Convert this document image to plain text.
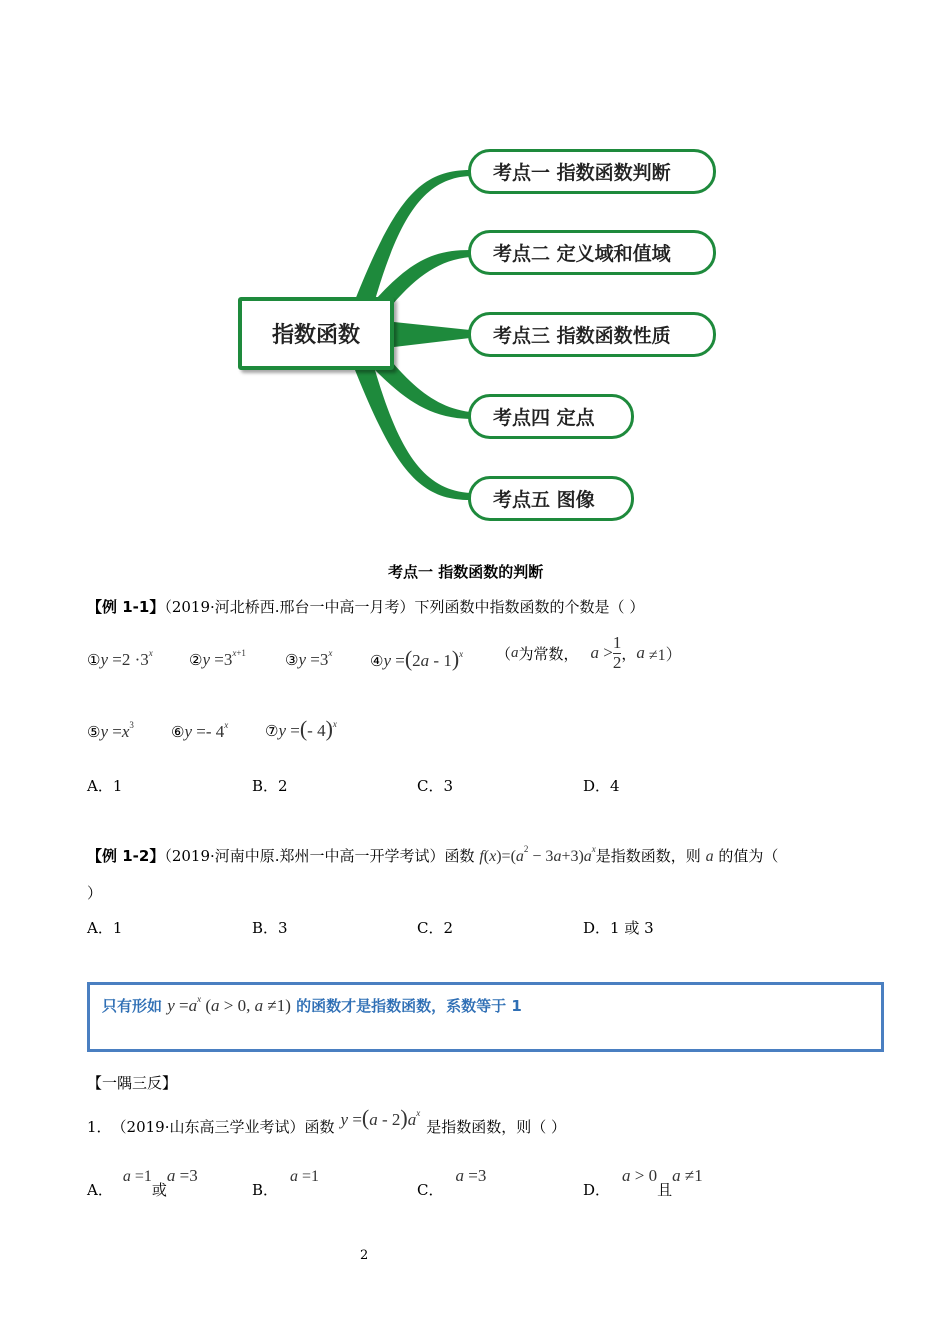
指数函数
考点一 指数函数判断
考点二 定义域和值域
考点三 指数函数性质
考点四 定点
考点五 图像
考点一 指数函数的判断
【例 1-1】（2019·河北桥西.邢台一中高一月考）下列函数中指数函数的个数是（ ）
①y $=2 \cdot 3^x$ ②y $=3^{x+1}$	③y $=3^x$	④y =(2a - 1)$^x$ （ a 为常数， $a > \frac{1}{2}$ ， a ≠1）
⑤y $=x^3$ ⑥y =- 4$^x$ ⑦y =(- 4)$^x$
A．1	B．2	C．3	D．4
【例 1-2】（2019·河南中原.郑州一中高一开学考试）函数 $f(x)=(a^2 - 3a+3)a^x$是指数函数，则 a 的值为（
）
A．1	B．3	C．2	D．1 或 3
只有形如 $y =a^x$ (a > 0, a ≠1) 的函数才是指数函数，系数等于 1
【一隅三反】
1． （2019·山东高三学业考试） 函数 $y =(a - 2)a^x$
是指数函数，则（ ）
A．a =1或a =3
B．a =1
C．a =3
D．a > 0且a ≠1
2
